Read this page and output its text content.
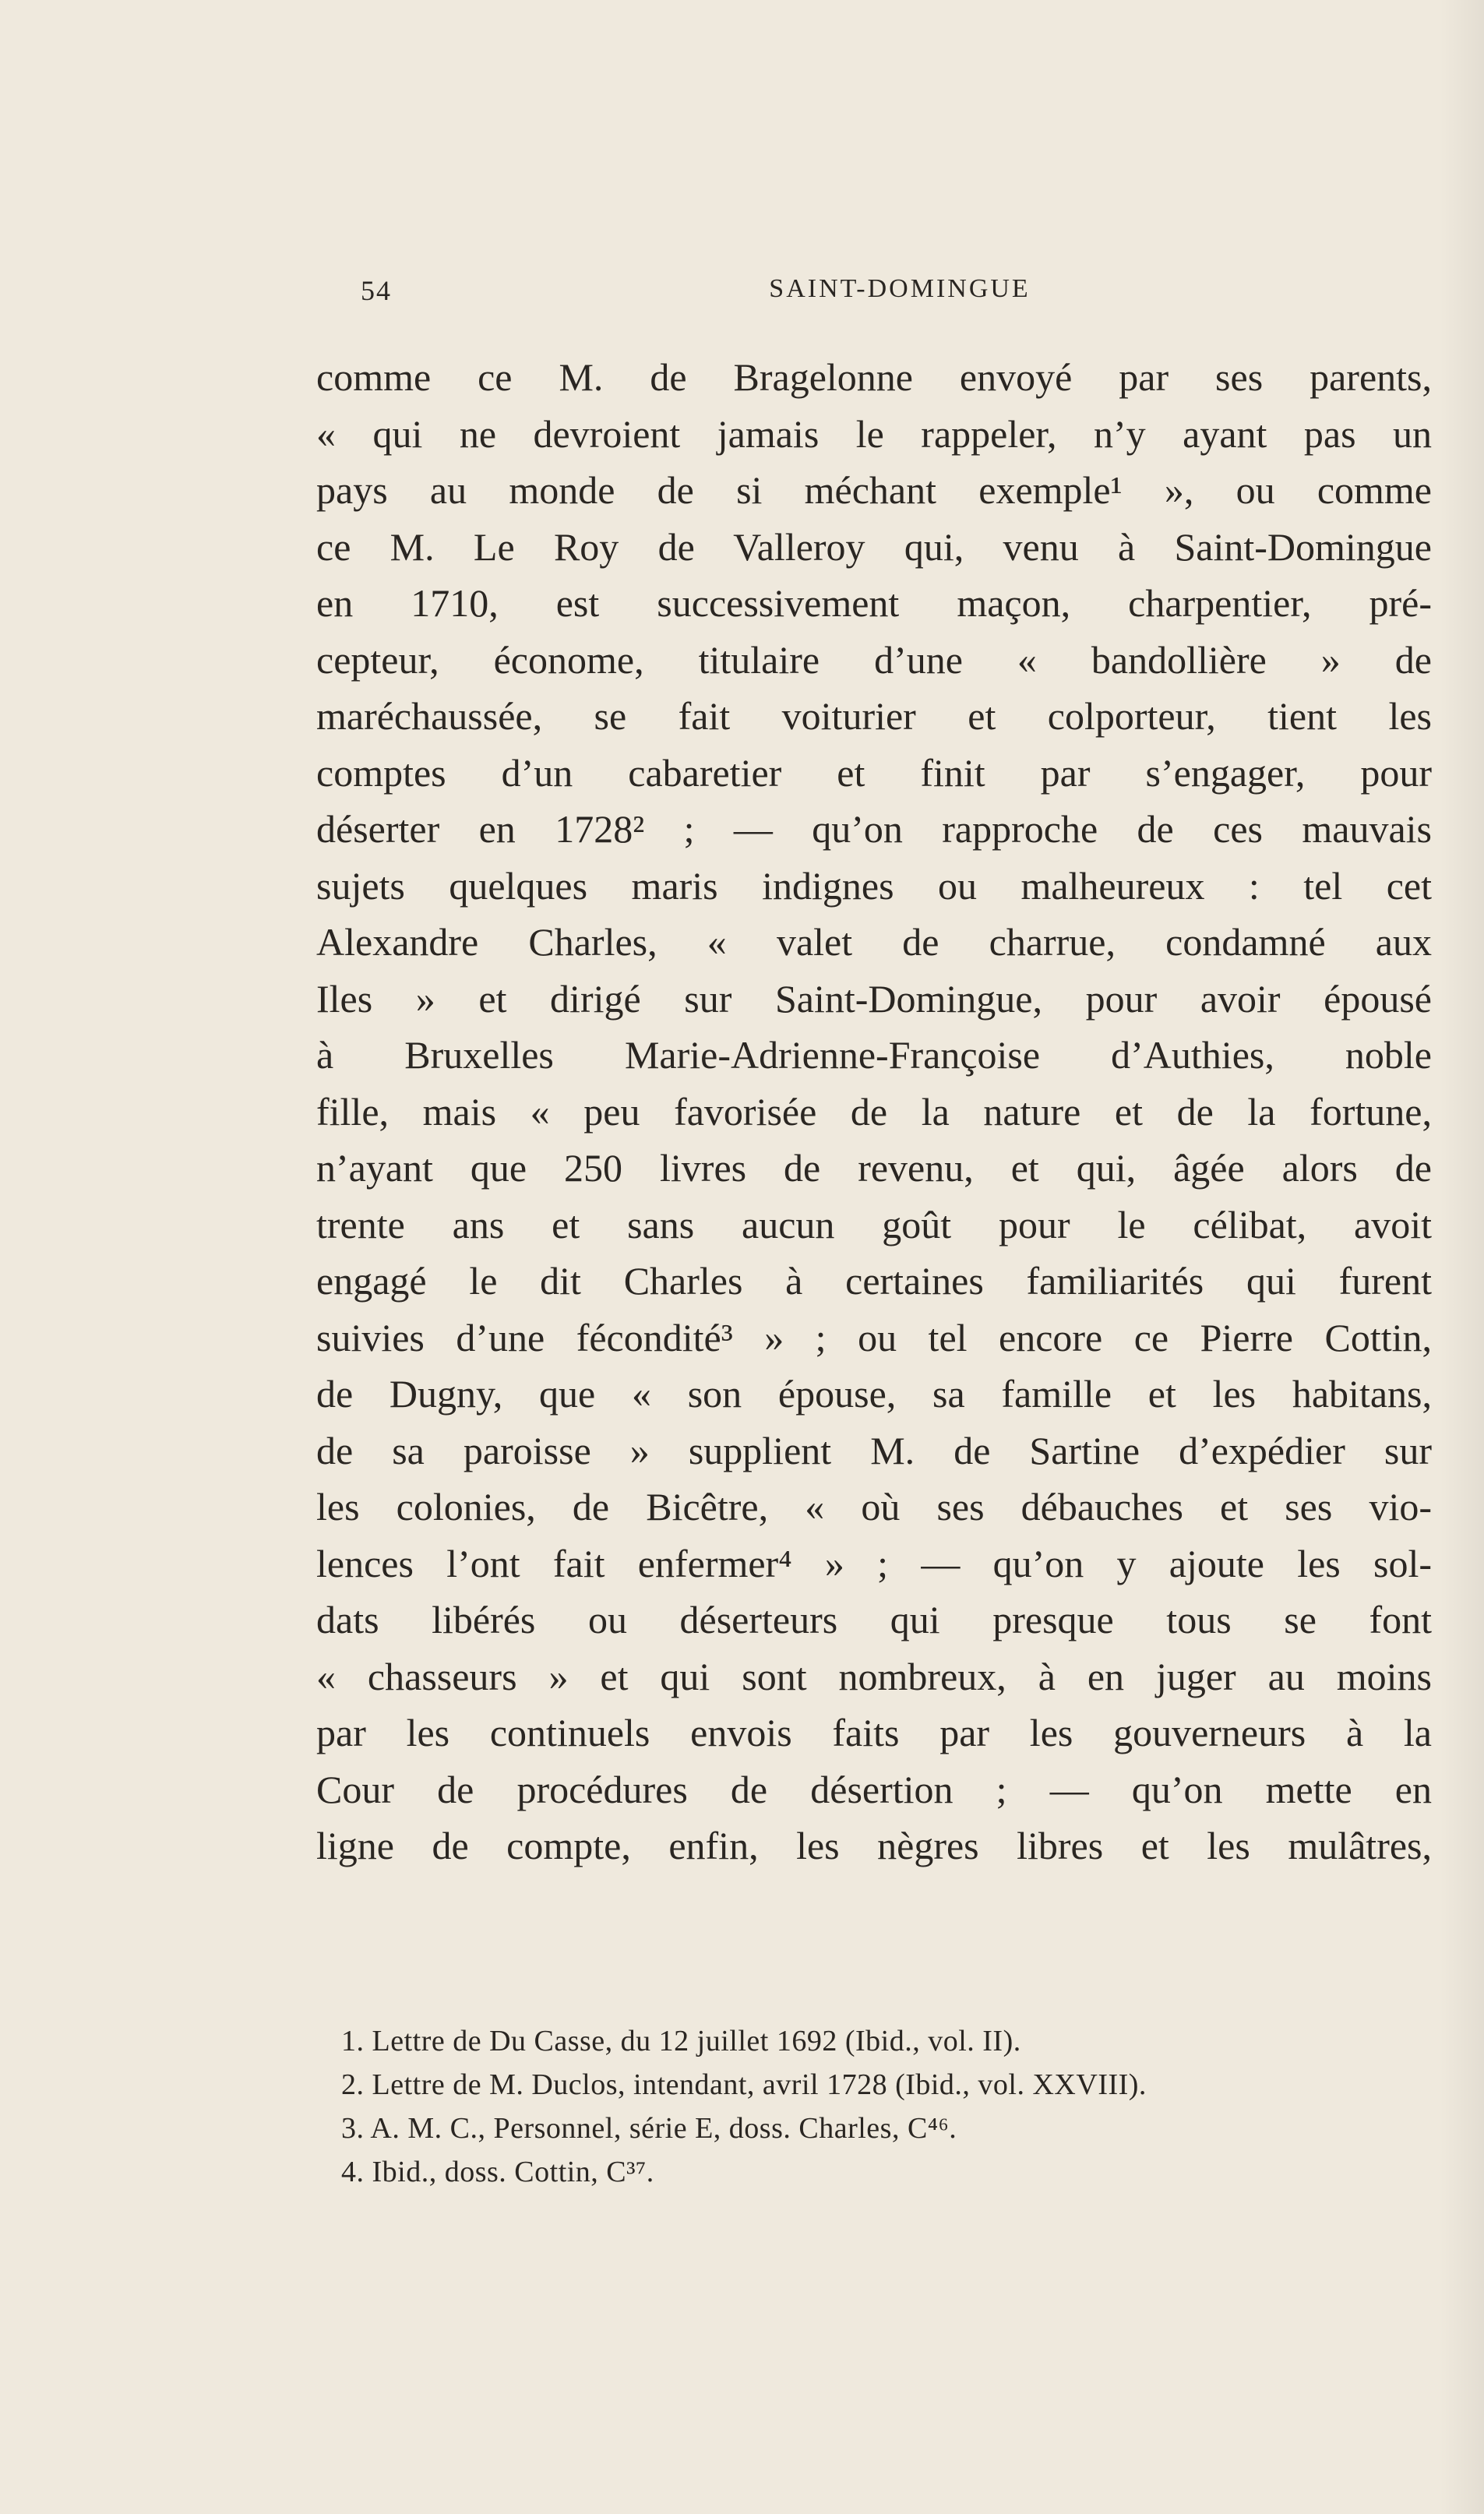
54	SAINT-DOMINGUE
comme ce M. de Bragelonne envoyé par ses parents,
« qui ne devroient jamais le rappeler, n’y ayant pas un
pays au monde de si méchant exemple¹ », ou comme
ce M. Le Roy de Valleroy qui, venu à Saint-Domingue
en 1710, est successivement maçon, charpentier, pré-
cepteur, économe, titulaire d’une « bandollière » de
maréchaussée, se fait voiturier et colporteur, tient les
comptes d’un cabaretier et finit par s’engager, pour
déserter en 1728² ; — qu’on rapproche de ces mauvais
sujets quelques maris indignes ou malheureux : tel cet
Alexandre Charles, « valet de charrue, condamné aux
Iles » et dirigé sur Saint-Domingue, pour avoir épousé
à Bruxelles Marie-Adrienne-Françoise d’Authies, noble
fille, mais « peu favorisée de la nature et de la fortune,
n’ayant que 250 livres de revenu, et qui, âgée alors de
trente ans et sans aucun goût pour le célibat, avoit
engagé le dit Charles à certaines familiarités qui furent
suivies d’une fécondité³ » ; ou tel encore ce Pierre Cottin,
de Dugny, que « son épouse, sa famille et les habitans,
de sa paroisse » supplient M. de Sartine d’expédier sur
les colonies, de Bicêtre, « où ses débauches et ses vio-
lences l’ont fait enfermer⁴ » ; — qu’on y ajoute les sol-
dats libérés ou déserteurs qui presque tous se font
« chasseurs » et qui sont nombreux, à en juger au moins
par les continuels envois faits par les gouverneurs à la
Cour de procédures de désertion ; — qu’on mette en
ligne de compte, enfin, les nègres libres et les mulâtres,
1. Lettre de Du Casse, du 12 juillet 1692 (Ibid., vol. II).
2. Lettre de M. Duclos, intendant, avril 1728 (Ibid., vol. XXVIII).
3. A. M. C., Personnel, série E, doss. Charles, C⁴⁶.
4. Ibid., doss. Cottin, C³⁷.
